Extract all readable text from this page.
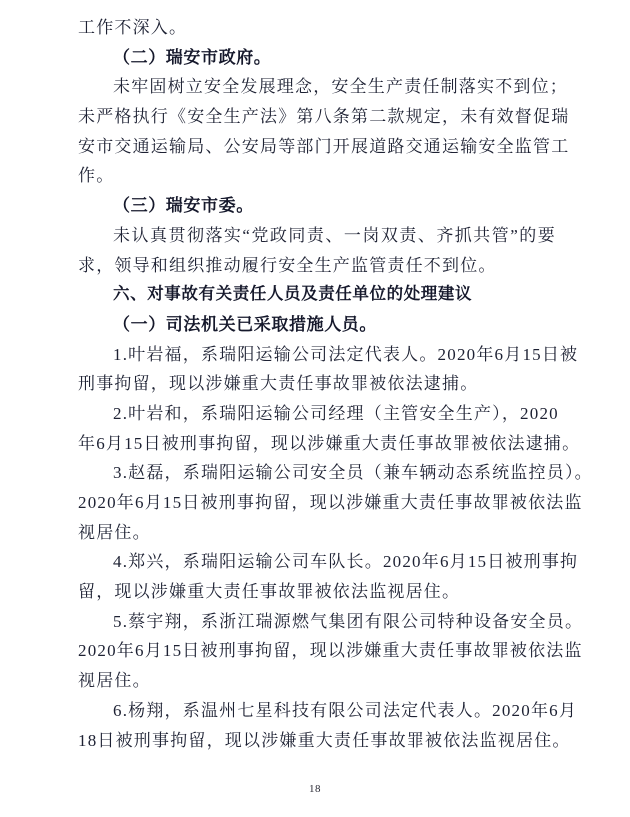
工作不深入。
（二）瑞安市政府。
未牢固树立安全发展理念，安全生产责任制落实不到位；
未严格执行《安全生产法》第八条第二款规定，未有效督促瑞
安市交通运输局、公安局等部门开展道路交通运输安全监管工
作。
（三）瑞安市委。
未认真贯彻落实“党政同责、一岗双责、齐抓共管”的要
求，领导和组织推动履行安全生产监管责任不到位。
六、对事故有关责任人员及责任单位的处理建议
（一）司法机关已采取措施人员。
1.叶岩福，系瑞阳运输公司法定代表人。2020年6月15日被
刑事拘留，现以涉嫌重大责任事故罪被依法逮捕。
2.叶岩和，系瑞阳运输公司经理（主管安全生产），2020
年6月15日被刑事拘留，现以涉嫌重大责任事故罪被依法逮捕。
3.赵磊，系瑞阳运输公司安全员（兼车辆动态系统监控员）。
2020年6月15日被刑事拘留，现以涉嫌重大责任事故罪被依法监
视居住。
4.郑兴，系瑞阳运输公司车队长。2020年6月15日被刑事拘
留，现以涉嫌重大责任事故罪被依法监视居住。
5.蔡宇翔，系浙江瑞源燃气集团有限公司特种设备安全员。
2020年6月15日被刑事拘留，现以涉嫌重大责任事故罪被依法监
视居住。
6.杨翔，系温州七星科技有限公司法定代表人。2020年6月
18日被刑事拘留，现以涉嫌重大责任事故罪被依法监视居住。
18
